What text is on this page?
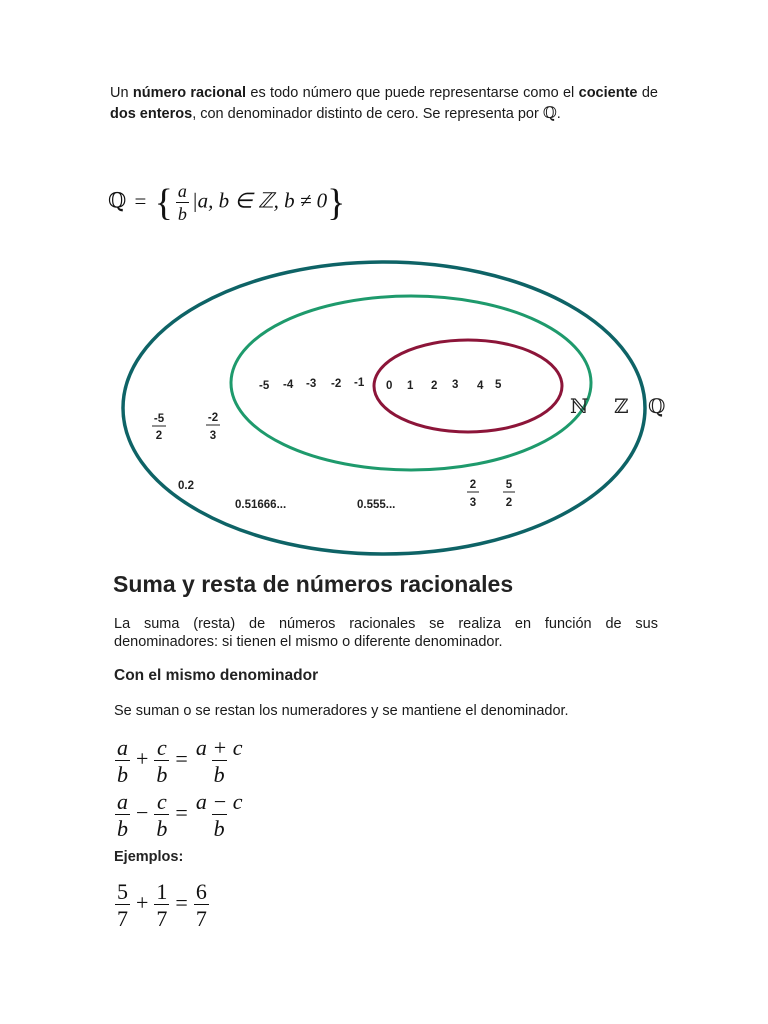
Un número racional es todo número que puede representarse como el cociente de dos enteros, con denominador distinto de cero. Se representa por ℚ.
ℚ = { $\frac{a}{b} |a$, b ∈ ℤ, b ≠ 0}
0 1 2 3 4 5
-5 -4 -3 -2 -1
ℕ ℤ ℚ
-5
2
-2
3
0.2
0.51666...	0.555...
2
3
5
2
Suma y resta de números racionales
La suma (resta) de números racionales se realiza en función de sus denominadores: si tienen el mismo o diferente denominador.
Con el mismo denominador
Se suman o se restan los numeradores y se mantiene el denominador.
$\frac{a}{b} + \frac{c}{b} = \frac{a + c}{b}$
$\frac{a}{b} - \frac{c}{b} = \frac{a - c}{b}$
Ejemplos:
$\frac{5}{7} + \frac{1}{7} = \frac{6}{7}$
